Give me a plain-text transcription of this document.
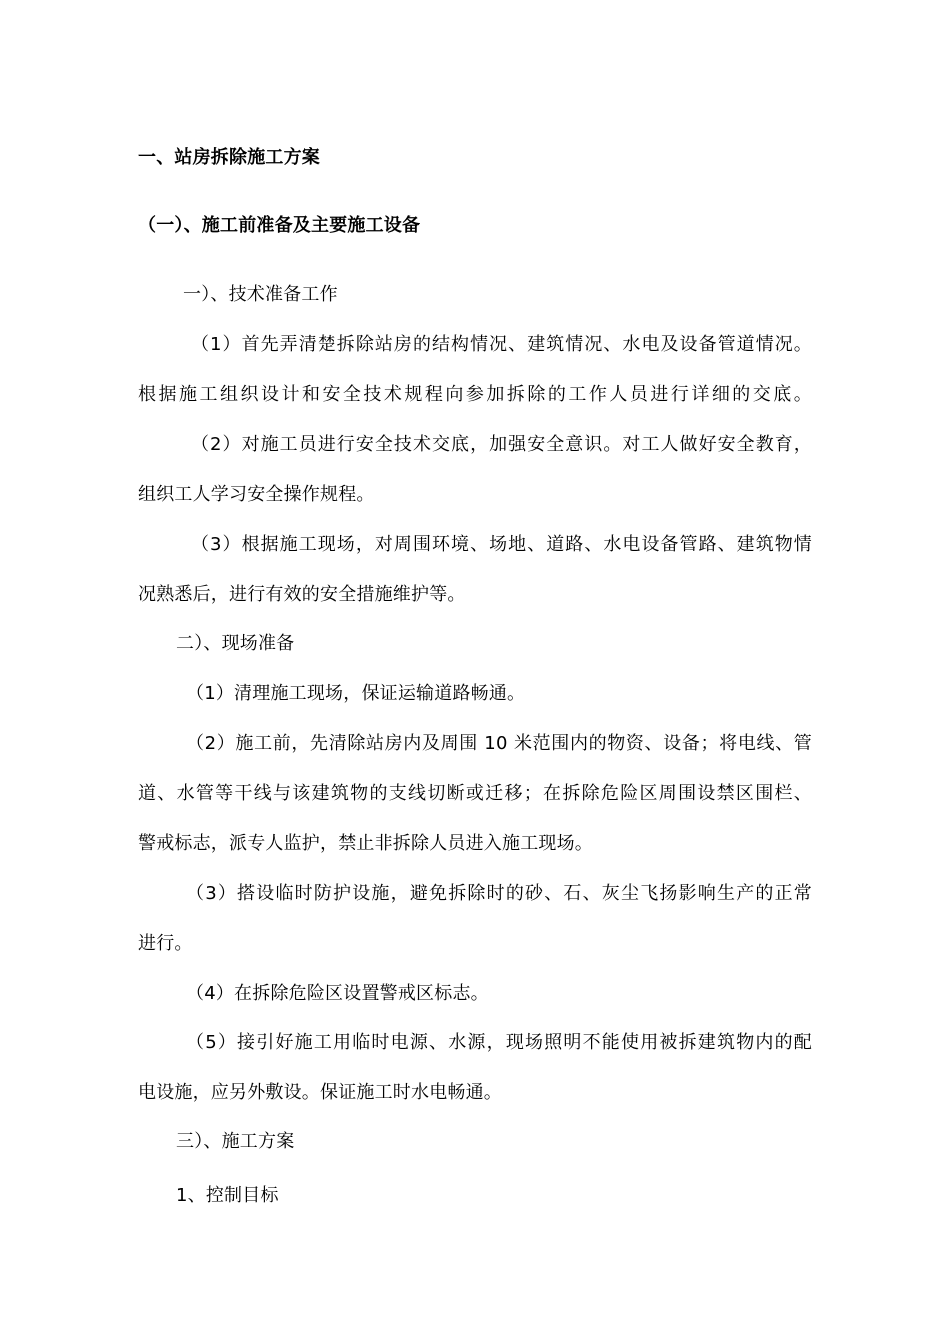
一、站房拆除施工方案
（一）、施工前准备及主要施工设备
一）、技术准备工作
（1）首先弄清楚拆除站房的结构情况、建筑情况、水电及设备管道情况。
根据施工组织设计和安全技术规程向参加拆除的工作人员进行详细的交底。
（2）对施工员进行安全技术交底，加强安全意识。对工人做好安全教育，
组织工人学习安全操作规程。
（3）根据施工现场，对周围环境、场地、道路、水电设备管路、建筑物情
况熟悉后，进行有效的安全措施维护等。
二）、现场准备
（1）清理施工现场，保证运输道路畅通。
（2）施工前，先清除站房内及周围 10 米范围内的物资、设备；将电线、管
道、水管等干线与该建筑物的支线切断或迁移；在拆除危险区周围设禁区围栏、
警戒标志，派专人监护，禁止非拆除人员进入施工现场。
（3）搭设临时防护设施，避免拆除时的砂、石、灰尘飞扬影响生产的正常
进行。
（4）在拆除危险区设置警戒区标志。
（5）接引好施工用临时电源、水源，现场照明不能使用被拆建筑物内的配
电设施，应另外敷设。保证施工时水电畅通。
三）、施工方案
1、控制目标
